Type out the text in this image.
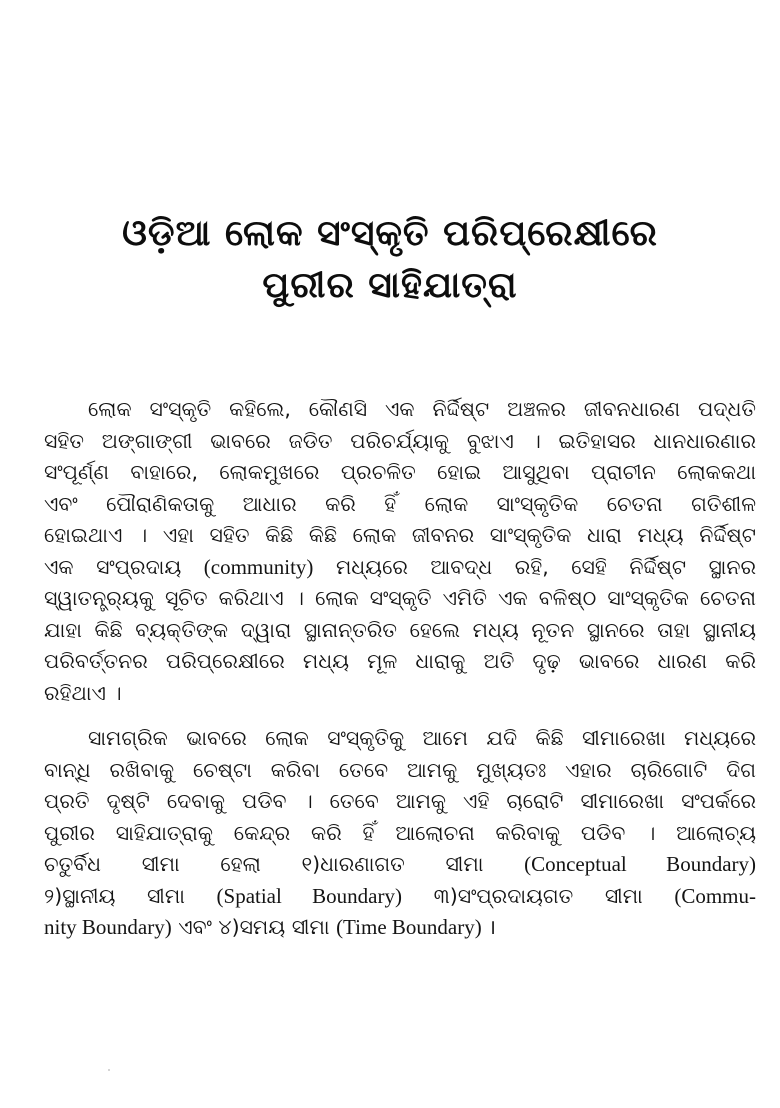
ଓଡ଼ିଆ ଲୋକ ସଂସ୍କୃତି ପରିପ୍ରେକ୍ଷୀରେ
ପୁରୀର ସାହିଯାତ୍ରା

ଲୋକ ସଂସ୍କୃତି କହିଲେ, କୌଣସି ଏକ ନିର୍ଦ୍ଦିଷ୍ଟ ଅଞ୍ଚଳର ଜୀବନଧାରଣ ପଦ୍ଧତି
ସହିତ ଅଙ୍ଗାଙ୍ଗୀ ଭାବରେ ଜଡିତ ପରିଚର୍ଯ୍ୟାକୁ ବୁଝାଏ । ଇତିହାସର ଧାନଧାରଣାର
ସଂପୂର୍ଣ୍ଣ ବାହାରେ, ଲୋକମୁଖରେ ପ୍ରଚଳିତ ହୋଇ ଆସୁଥିବା ପ୍ରାଚୀନ ଲୋକକଥା
ଏବଂ ପୌରାଣିକତାକୁ ଆଧାର କରି ହିଁ ଲୋକ ସାଂସ୍କୃତିକ ଚେତନା ଗତିଶୀଳ
ହୋଇଥାଏ । ଏହା ସହିତ କିଛି କିଛି ଲୋକ ଜୀବନର ସାଂସ୍କୃତିକ ଧାରା ମଧ୍ୟ ନିର୍ଦ୍ଦିଷ୍ଟ
ଏକ ସଂପ୍ରଦାୟ (community) ମଧ୍ୟରେ ଆବଦ୍ଧ ରହି, ସେହି ନିର୍ଦ୍ଦିଷ୍ଟ ସ୍ଥାନର
ସ୍ୱାତନ୍ତ୍ର୍ୟକୁ ସୂଚିତ କରିଥାଏ । ଲୋକ ସଂସ୍କୃତି ଏମିତି ଏକ ବଳିଷ୍ଠ ସାଂସ୍କୃତିକ ଚେତନା
ଯାହା କିଛି ବ୍ୟକ୍ତିଙ୍କ ଦ୍ୱାରା ସ୍ଥାନାନ୍ତରିତ ହେଲେ ମଧ୍ୟ ନୂତନ ସ୍ଥାନରେ ତାହା ସ୍ଥାନୀୟ
ପରିବର୍ତ୍ତନର ପରିପ୍ରେକ୍ଷୀରେ ମଧ୍ୟ ମୂଳ ଧାରାକୁ ଅତି ଦୃଢ଼ ଭାବରେ ଧାରଣ କରି
ରହିଥାଏ ।

ସାମଗ୍ରିକ ଭାବରେ ଲୋକ ସଂସ୍କୃତିକୁ ଆମେ ଯଦି କିଛି ସୀମାରେଖା ମଧ୍ୟରେ
ବାନ୍ଧି ରଖିବାକୁ ଚେଷ୍ଟା କରିବା ତେବେ ଆମକୁ ମୁଖ୍ୟତଃ ଏହାର ଚାରିଗୋଟି ଦିଗ
ପ୍ରତି ଦୃଷ୍ଟି ଦେବାକୁ ପଡିବ । ତେବେ ଆମକୁ ଏହି ଚାରୋଟି ସୀମାରେଖା ସଂପର୍କରେ
ପୁରୀର ସାହିଯାତ୍ରାକୁ କେନ୍ଦ୍ର କରି ହିଁ ଆଲୋଚନା କରିବାକୁ ପଡିବ । ଆଲୋଚ୍ୟ
ଚତୁର୍ବିଧ ସୀମା ହେଲା ୧)ଧାରଣାଗତ ସୀମା (Conceptual Boundary)
୨)ସ୍ଥାନୀୟ ସୀମା (Spatial Boundary) ୩)ସଂପ୍ରଦାୟଗତ ସୀମା (Commu-
nity Boundary) ଏବଂ ୪)ସମୟ ସୀମା (Time Boundary) ।
